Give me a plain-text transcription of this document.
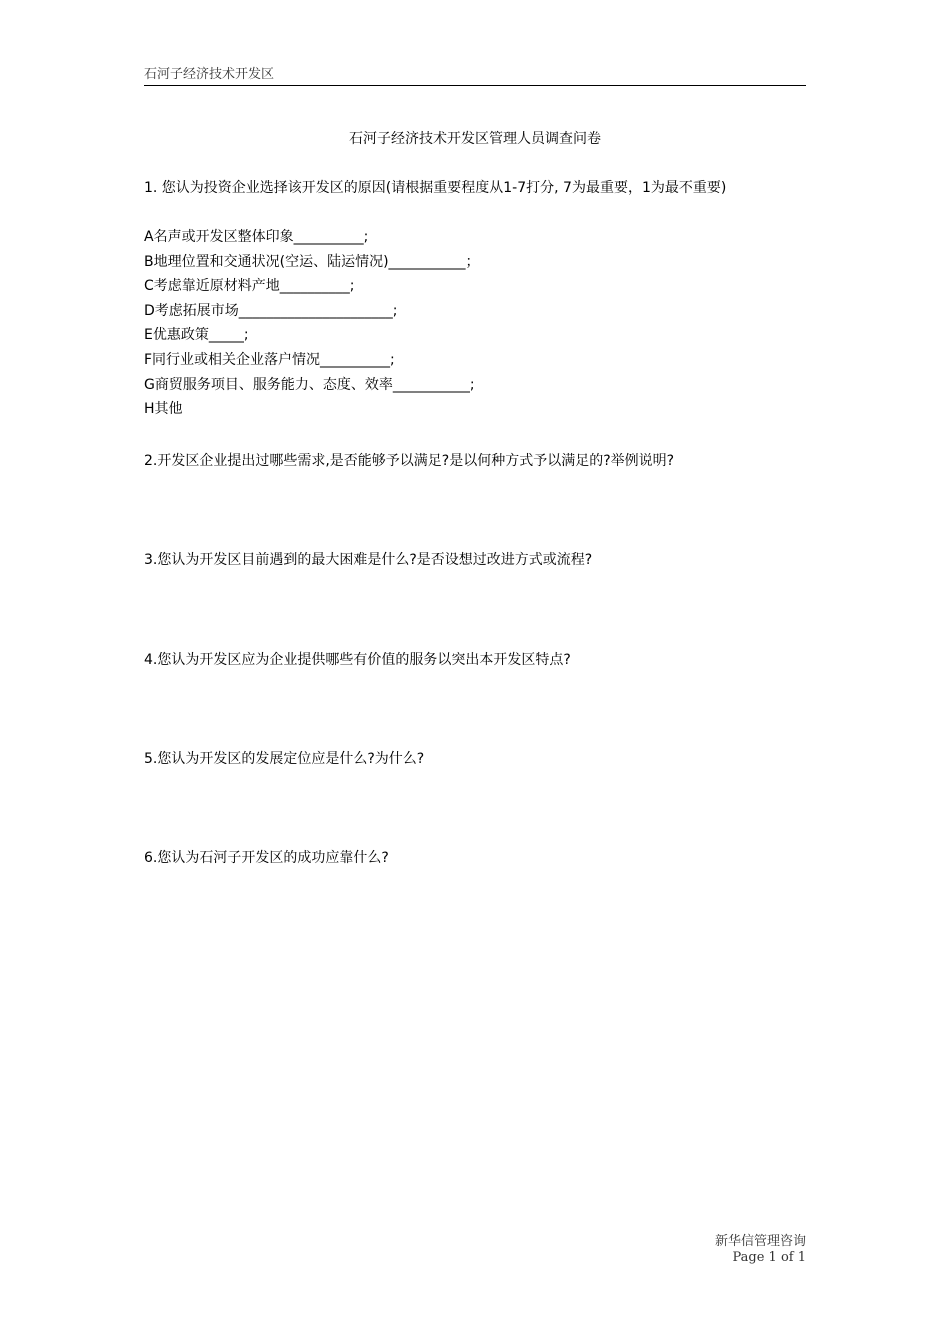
石河子经济技术开发区
石河子经济技术开发区管理人员调查问卷
1. 您认为投资企业选择该开发区的原因(请根据重要程度从1-7打分, 7为最重要，1为最不重要)
A名声或开发区整体印象__________;
B地理位置和交通状况(空运、陆运情况)___________；
C考虑靠近原材料产地__________;
D考虑拓展市场______________________;
E优惠政策_____;
F同行业或相关企业落户情况__________;
G商贸服务项目、服务能力、态度、效率___________;
H其他
2.开发区企业提出过哪些需求,是否能够予以满足?是以何种方式予以满足的?举例说明?
3.您认为开发区目前遇到的最大困难是什么?是否设想过改进方式或流程?
4.您认为开发区应为企业提供哪些有价值的服务以突出本开发区特点?
5.您认为开发区的发展定位应是什么?为什么?
6.您认为石河子开发区的成功应靠什么?
新华信管理咨询
Page 1 of 1
